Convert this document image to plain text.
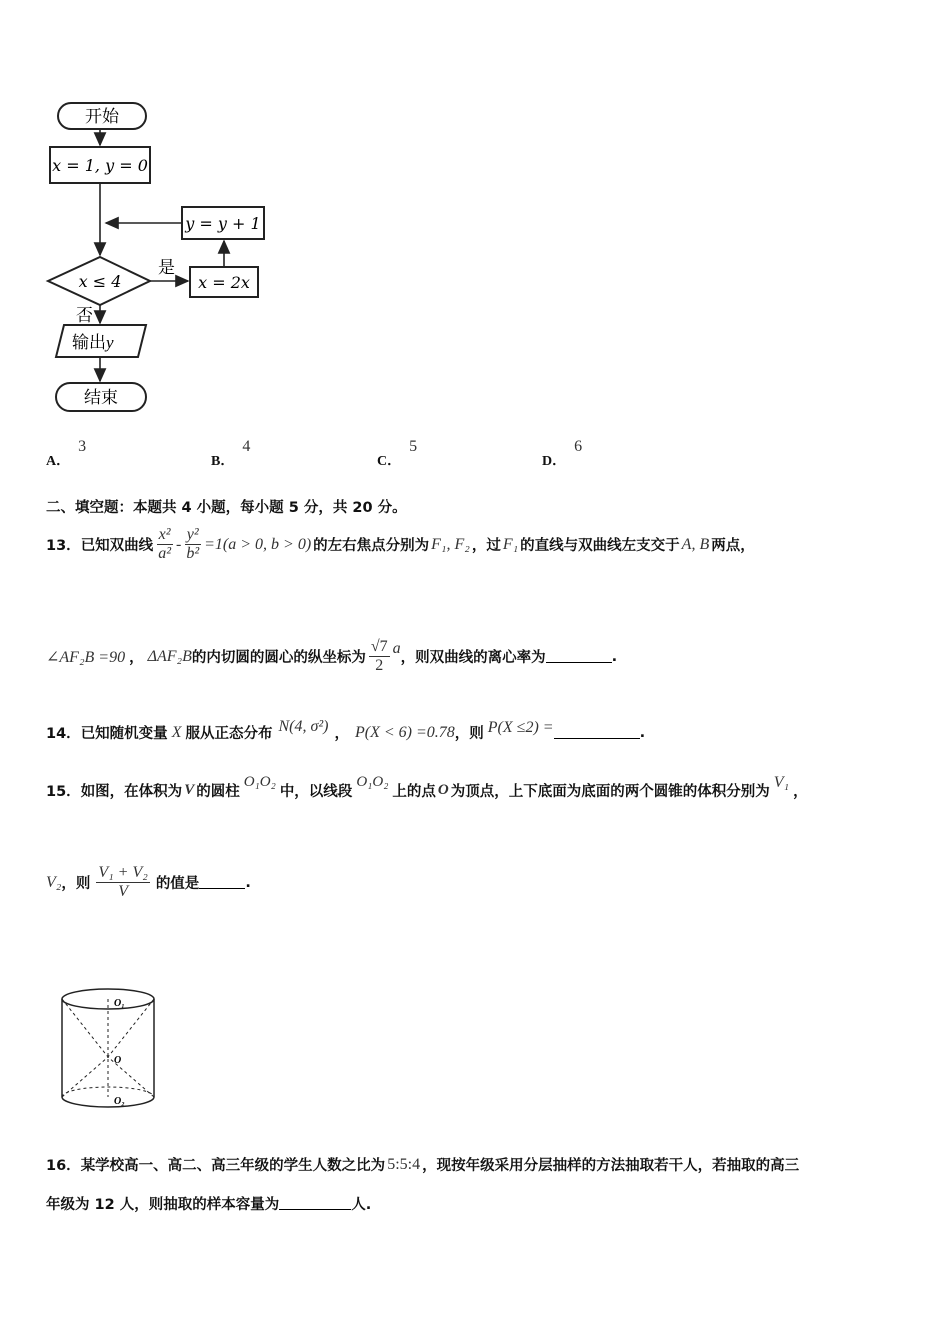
开始
x = 1, y = 0
y = y + 1
x ≤ 4
是
否
x = 2x
输出y
结束
A．3
B．4
C．5
D．6
二、填空题：本题共 4 小题，每小题 5 分，共 20 分。
13． 已知双曲线 $\frac{\text{x²}}{\text{a²}} - \frac{\text{y²}}{\text{b²}} =1(a > 0$, b > 0) 的左右焦点分别为 F₁, F₂ ，过 F₁ 的直线与双曲线左支交于 A, B 两点，
∠AF₂B =90 ， ΔAF₂B 的内切圆的圆心的纵坐标为 $\frac{√7}{2}$ a
，则双曲线的离心率为	.
14． 已知随机变量 X 服从正态分布 N(4, σ²) ， P(X < 6) =0.78 ，则 P(X ≤2) =	.
15． 如图，在体积为 V 的圆柱
O₁O₂
中，以线段
O₁O₂
上的点 O 为顶点，上下底面为底面的两个圆锥的体积分别为
V₁
，
V₂ ，则 $\frac{\text{V₁ + V₂}}{V}$ 的值是	.
O₁
O
O₂
16． 某学校高一、高二、高三年级的学生人数之比为 5:5:4 ，现按年级采用分层抽样的方法抽取若干人，若抽取的高三
年级为 12 人，则抽取的样本容量为	人.
